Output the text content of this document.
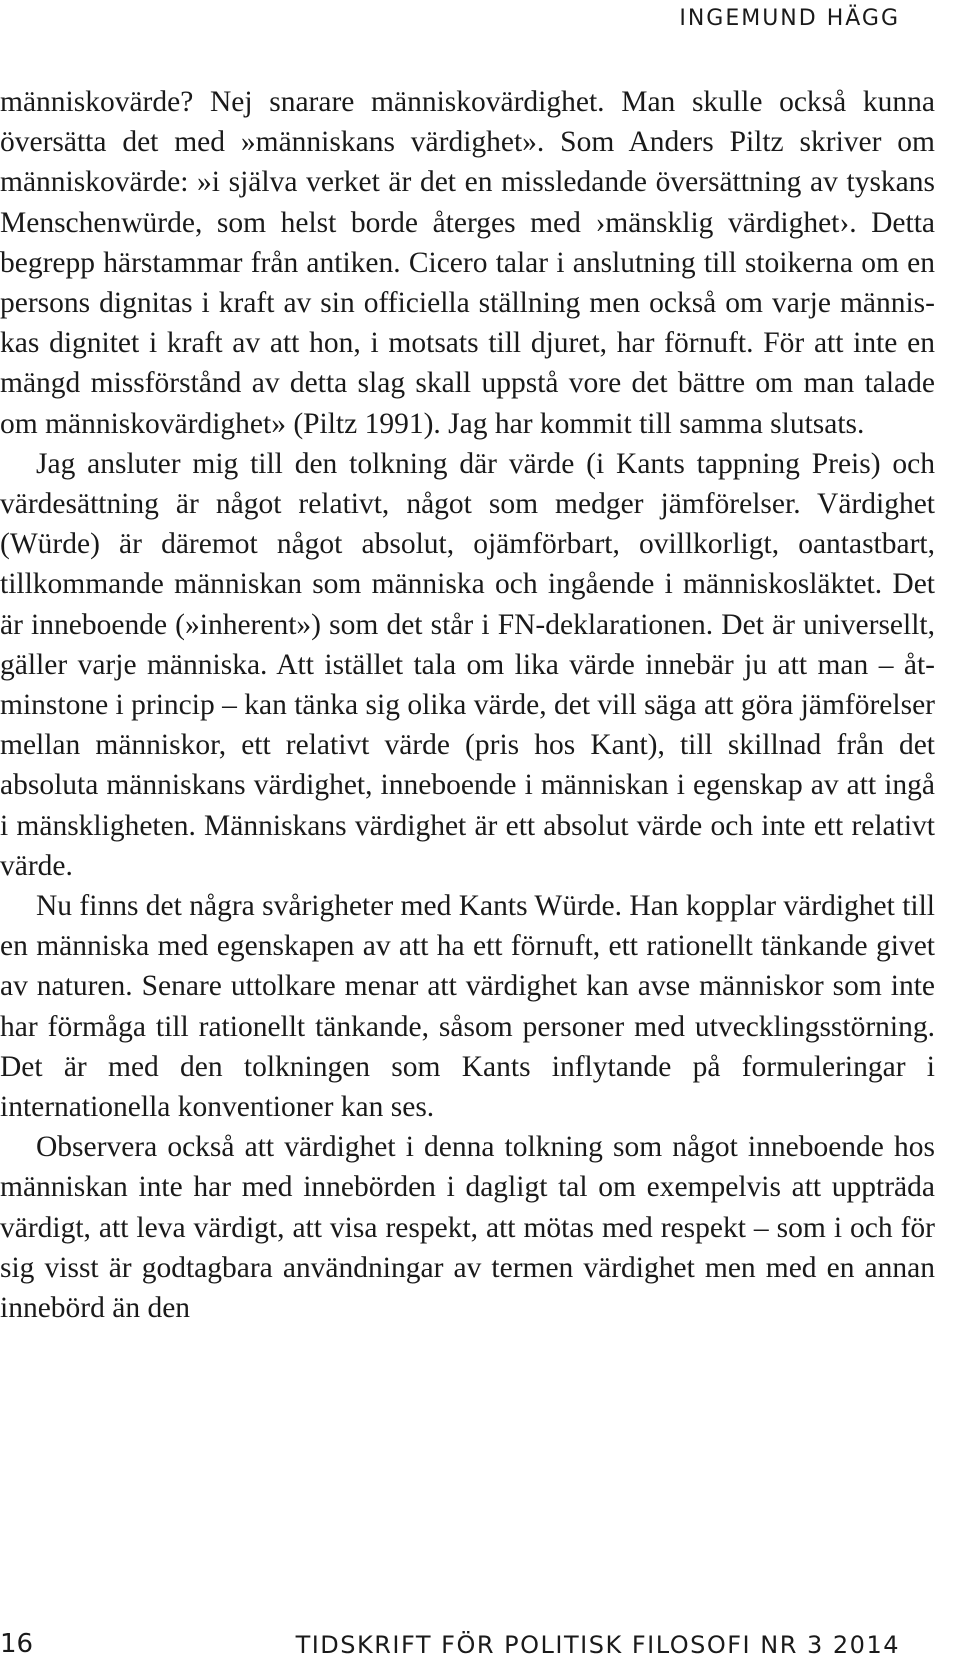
INGEMUND HÄGG

människovärde? Nej snarare människovärdighet. Man skulle också kunna översätta det med »människans värdighet». Som Anders Piltz skriver om människovärde: »i själva verket är det en missledande översättning av tyskans Menschenwürde, som helst borde återges med ›mänsklig värdighet›. Detta begrepp härstammar från antiken. Cicero talar i anslutning till stoikerna om en persons dignitas i kraft av sin officiella ställning men också om varje människas dignitet i kraft av att hon, i motsats till djuret, har förnuft. För att inte en mängd missförstånd av detta slag skall uppstå vore det bättre om man talade om människovärdighet» (Piltz 1991). Jag har kommit till samma slutsats.

Jag ansluter mig till den tolkning där värde (i Kants tappning Preis) och värdesättning är något relativt, något som medger jämförelser. Värdighet (Würde) är däremot något absolut, ojämförbart, ovillkorligt, oantastbart, tillkommande människan som människa och ingående i människosläktet. Det är inneboende (»inherent») som det står i FN-deklarationen. Det är universellt, gäller varje människa. Att istället tala om lika värde innebär ju att man – åtminstone i princip – kan tänka sig olika värde, det vill säga att göra jämförelser mellan människor, ett relativt värde (pris hos Kant), till skillnad från det absoluta människans värdighet, inneboende i människan i egenskap av att ingå i mänskligheten. Människans värdighet är ett absolut värde och inte ett relativt värde.

Nu finns det några svårigheter med Kants Würde. Han kopplar värdighet till en människa med egenskapen av att ha ett förnuft, ett rationellt tänkande givet av naturen. Senare uttolkare menar att värdighet kan avse människor som inte har förmåga till rationellt tänkande, såsom personer med utvecklingsstörning. Det är med den tolkningen som Kants inflytande på formuleringar i internationella konventioner kan ses.

Observera också att värdighet i denna tolkning som något inneboende hos människan inte har med innebörden i dagligt tal om exempelvis att uppträda värdigt, att leva värdigt, att visa respekt, att mötas med respekt – som i och för sig visst är godtagbara användningar av termen värdighet men med en annan innebörd än den

16	TIDSKRIFT FÖR POLITISK FILOSOFI NR 3 2014
